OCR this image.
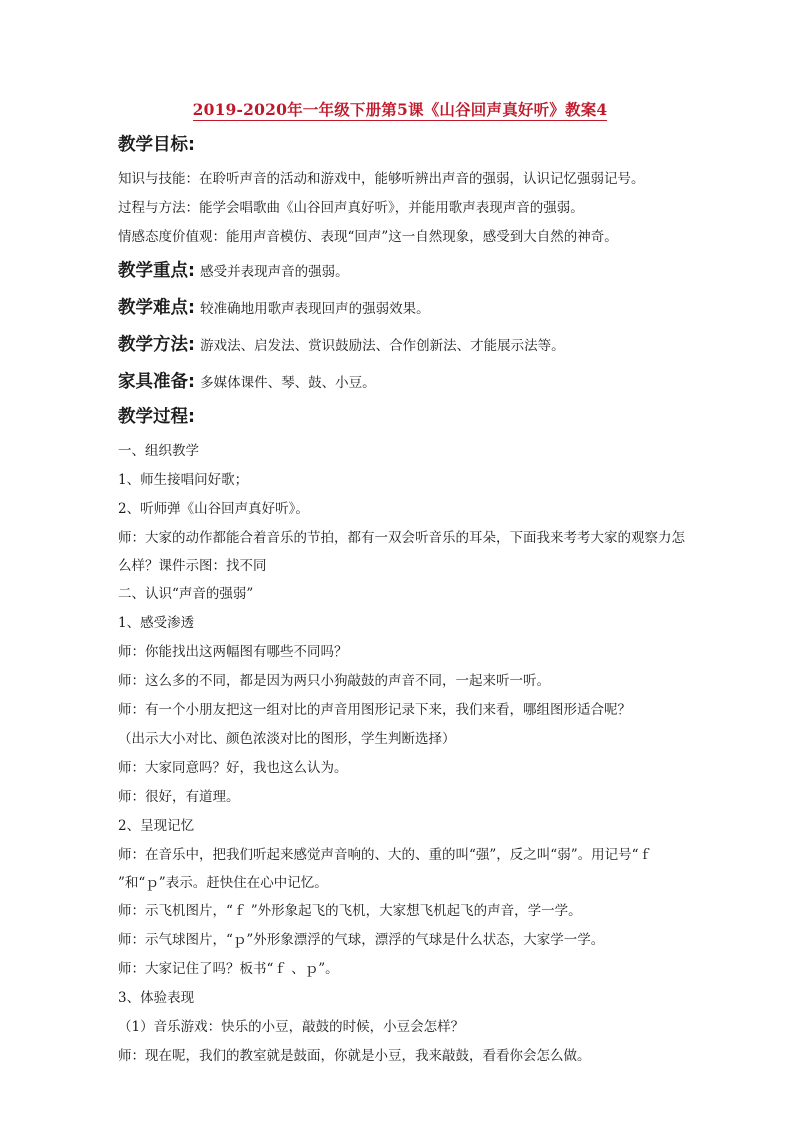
2019-2020年一年级下册第5课《山谷回声真好听》教案4
教学目标:
知识与技能：在聆听声音的活动和游戏中，能够听辨出声音的强弱，认识记忆强弱记号。
过程与方法：能学会唱歌曲《山谷回声真好听》，并能用歌声表现声音的强弱。
情感态度价值观：能用声音模仿、表现“回声”这一自然现象，感受到大自然的神奇。
教学重点: 感受并表现声音的强弱。
教学难点: 较准确地用歌声表现回声的强弱效果。
教学方法: 游戏法、启发法、赏识鼓励法、合作创新法、才能展示法等。
家具准备: 多媒体课件、琴、鼓、小豆。
教学过程:
一、组织教学
1、师生接唱问好歌；
2、听师弹《山谷回声真好听》。
师：大家的动作都能合着音乐的节拍，都有一双会听音乐的耳朵，下面我来考考大家的观察力怎么样？课件示图：找不同
二、认识“声音的强弱”
1、感受渗透
师：你能找出这两幅图有哪些不同吗？
师：这么多的不同，都是因为两只小狗敲鼓的声音不同，一起来听一听。
师：有一个小朋友把这一组对比的声音用图形记录下来，我们来看，哪组图形适合呢？
（出示大小对比、颜色浓淡对比的图形，学生判断选择）
师：大家同意吗？好，我也这么认为。
师：很好，有道理。
2、呈现记忆
师：在音乐中，把我们听起来感觉声音响的、大的、重的叫“强”，反之叫“弱”。用记号“ｆ ”和“ｐ”表示。赶快住在心中记忆。
师：示飞机图片，“ｆ ”外形象起飞的飞机，大家想飞机起飞的声音，学一学。
师：示气球图片，“ｐ”外形象漂浮的气球，漂浮的气球是什么状态，大家学一学。
师：大家记住了吗？板书“ｆ 、ｐ”。
3、体验表现
（1）音乐游戏：快乐的小豆，敲鼓的时候，小豆会怎样？
师：现在呢，我们的教室就是鼓面，你就是小豆，我来敲鼓，看看你会怎么做。
